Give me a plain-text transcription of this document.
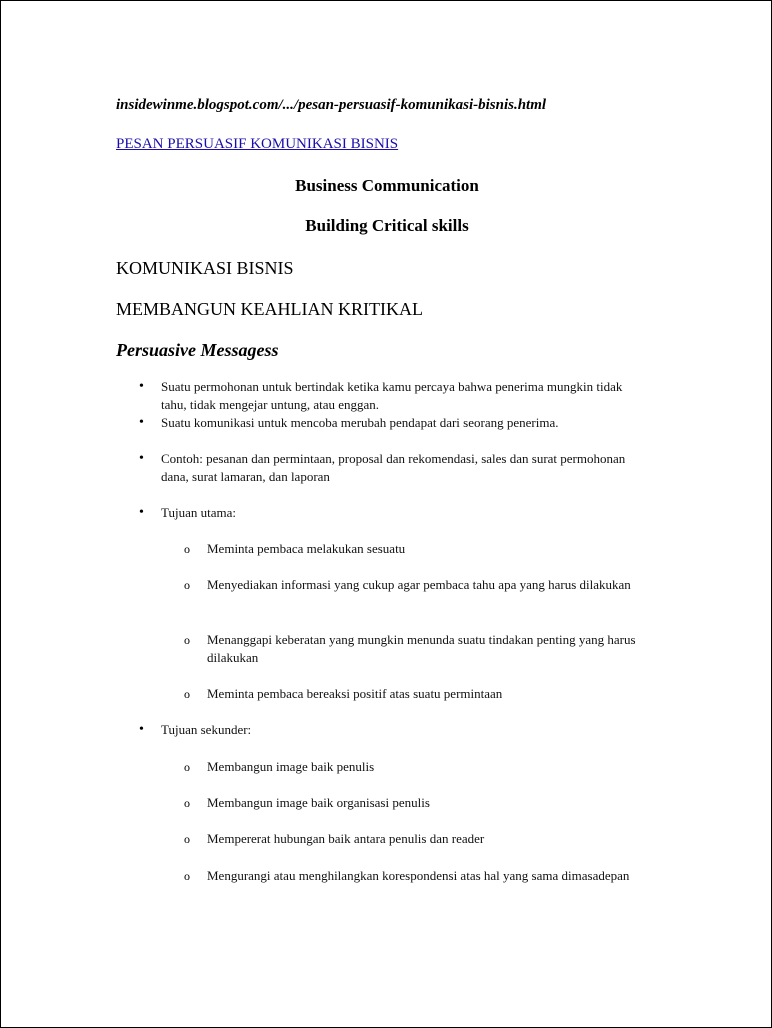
insidewinme.blogspot.com/.../pesan-persuasif-komunikasi-bisnis.html
PESAN PERSUASIF KOMUNIKASI BISNIS
Business Communication
Building Critical skills
KOMUNIKASI BISNIS
MEMBANGUN KEAHLIAN KRITIKAL
Persuasive Messagess
• Suatu permohonan untuk bertindak ketika kamu percaya bahwa penerima mungkin tidak tahu, tidak mengejar untung, atau enggan.
• Suatu komunikasi untuk mencoba merubah pendapat dari seorang penerima.
• Contoh: pesanan dan permintaan, proposal dan rekomendasi, sales dan surat permohonan dana, surat lamaran, dan laporan
• Tujuan utama:
o Meminta pembaca melakukan sesuatu
o Menyediakan informasi yang cukup agar pembaca tahu apa yang harus dilakukan
o Menanggapi keberatan yang mungkin menunda suatu tindakan penting yang harus dilakukan
o Meminta pembaca bereaksi positif atas suatu permintaan
• Tujuan sekunder:
o Membangun image baik penulis
o Membangun image baik organisasi penulis
o Mempererat hubungan baik antara penulis dan reader
o Mengurangi atau menghilangkan korespondensi atas hal yang sama dimasadepan
